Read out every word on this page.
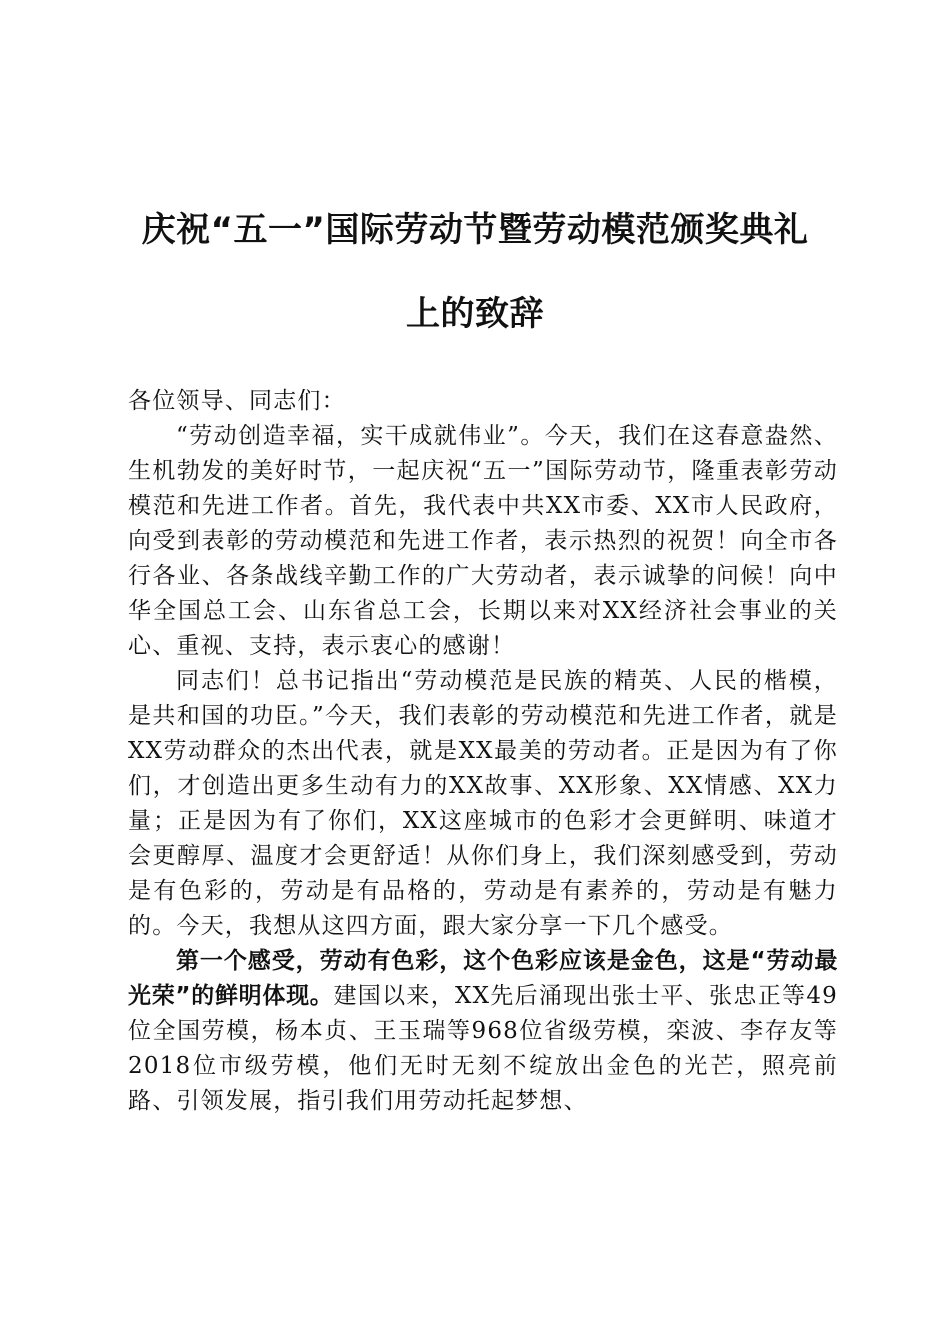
庆祝“五一”国际劳动节暨劳动模范颁奖典礼
上的致辞

各位领导、同志们：

“劳动创造幸福，实干成就伟业”。今天，我们在这春意盎然、生机勃发的美好时节，一起庆祝“五一”国际劳动节，隆重表彰劳动模范和先进工作者。首先，我代表中共XX市委、XX市人民政府，向受到表彰的劳动模范和先进工作者，表示热烈的祝贺！向全市各行各业、各条战线辛勤工作的广大劳动者，表示诚挚的问候！向中华全国总工会、山东省总工会，长期以来对XX经济社会事业的关心、重视、支持，表示衷心的感谢！

同志们！总书记指出“劳动模范是民族的精英、人民的楷模，是共和国的功臣。”今天，我们表彰的劳动模范和先进工作者，就是XX劳动群众的杰出代表，就是XX最美的劳动者。正是因为有了你们，才创造出更多生动有力的XX故事、XX形象、XX情感、XX力量；正是因为有了你们，XX这座城市的色彩才会更鲜明、味道才会更醇厚、温度才会更舒适！从你们身上，我们深刻感受到，劳动是有色彩的，劳动是有品格的，劳动是有素养的，劳动是有魅力的。今天，我想从这四方面，跟大家分享一下几个感受。

第一个感受，劳动有色彩，这个色彩应该是金色，这是“劳动最光荣”的鲜明体现。建国以来，XX先后涌现出张士平、张忠正等49位全国劳模，杨本贞、王玉瑞等968位省级劳模，栾波、李存友等2018位市级劳模，他们无时无刻不绽放出金色的光芒，照亮前路、引领发展，指引我们用劳动托起梦想、
